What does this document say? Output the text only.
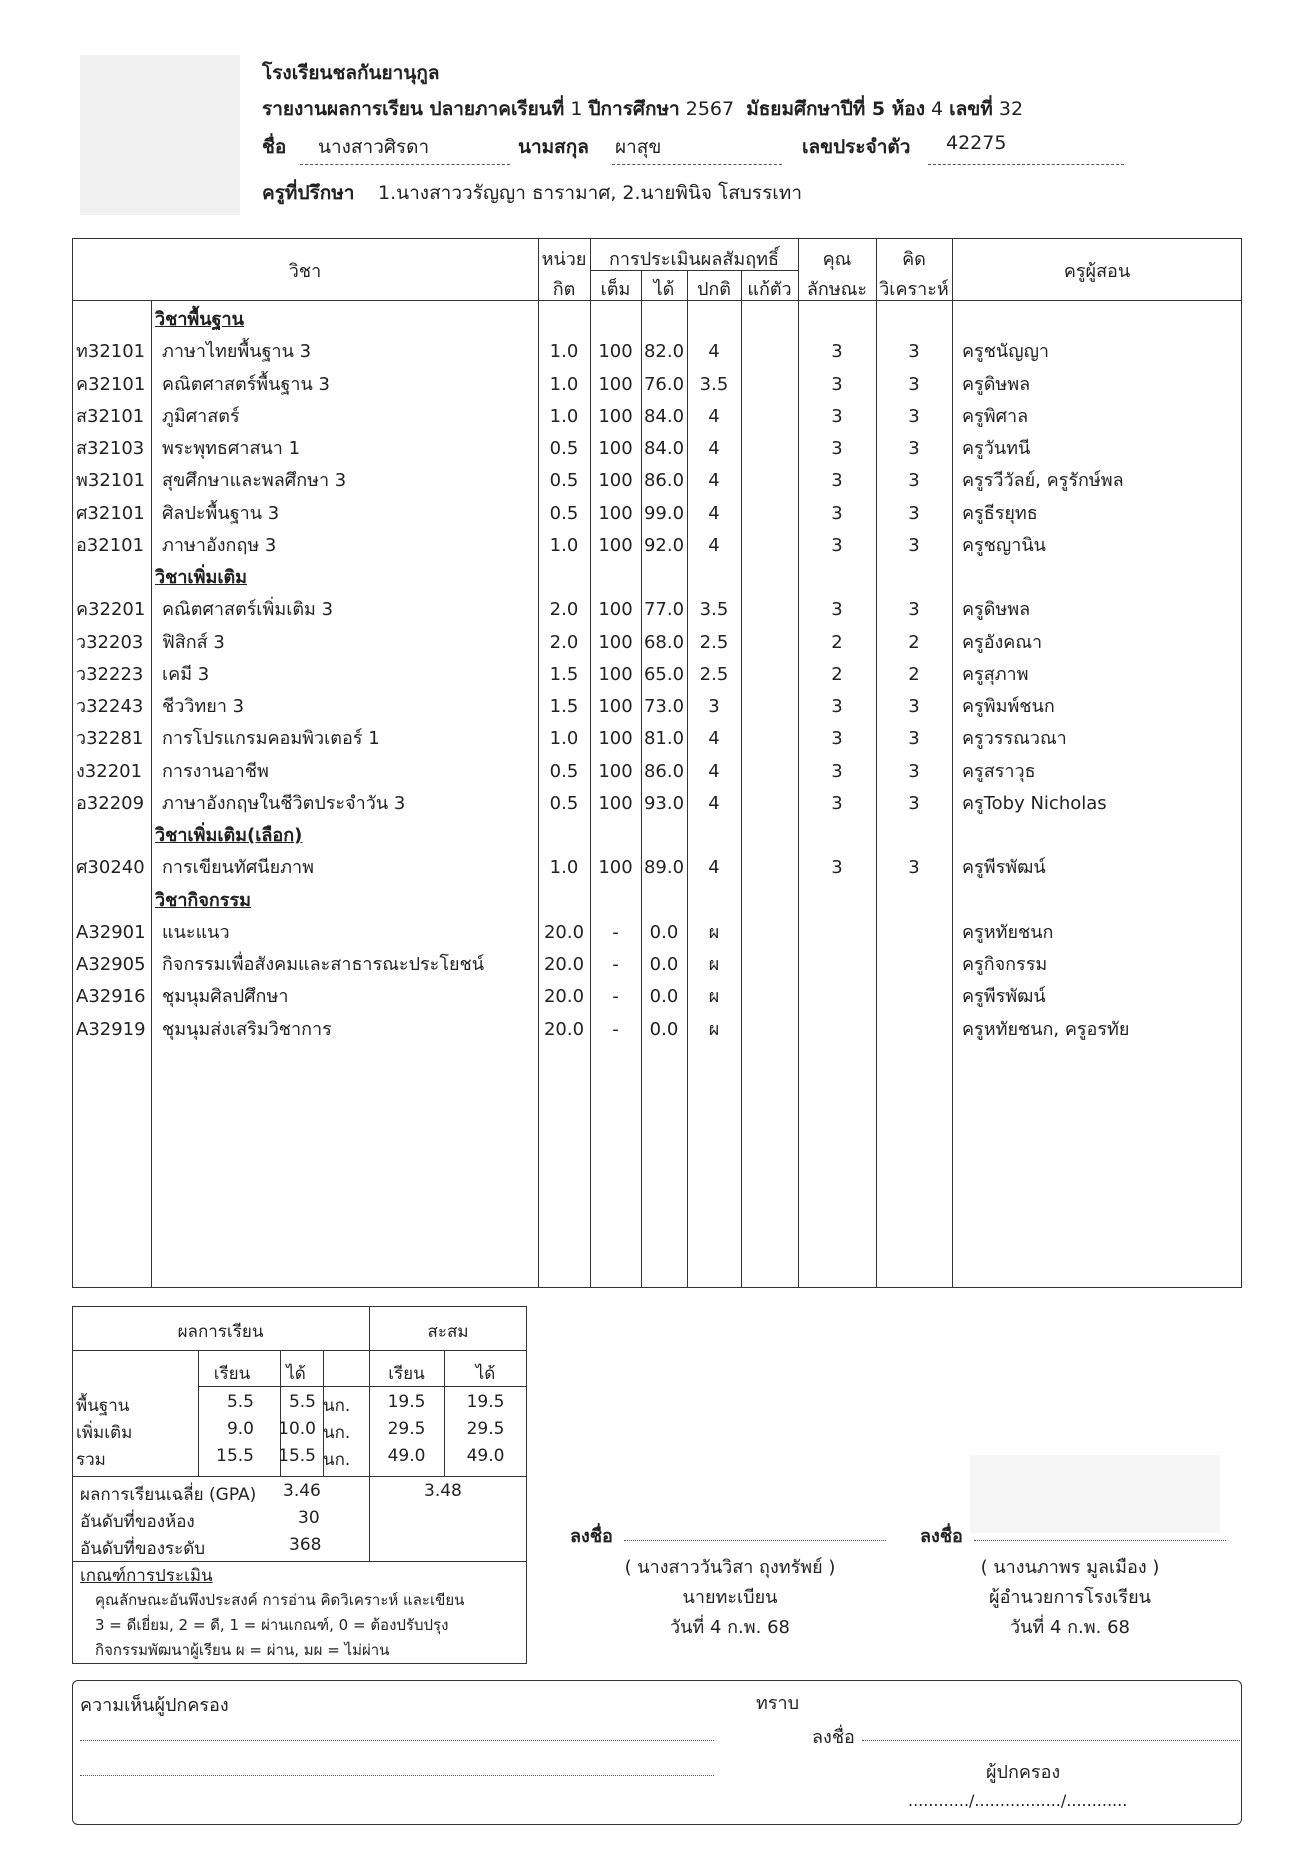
โรงเรียนชลกันยานุกูล
รายงานผลการเรียน ปลายภาคเรียนที่ 1 ปีการศึกษา 2567 มัธยมศึกษาปีที่ 5 ห้อง 4 เลขที่ 32
ชื่อ นางสาวศิรดา	นามสกุล ผาสุข	เลขประจำตัว 42275
ครูที่ปรึกษา 1.นางสาววรัญญา ธารามาศ, 2.นายพินิจ โสบรรเทา
วิชา
หน่วย
กิต
การประเมินผลสัมฤทธิ์
เต็ม	ได้	ปกติ แก้ตัว
คุณ
ลักษณะ
คิด
วิเคราะห์
ครูผู้สอน
วิชาพื้นฐาน
ท32101 ภาษาไทยพื้นฐาน 3	1.0	100 82.0	4	3	3	ครูชนัญญา
ค32101 คณิตศาสตร์พื้นฐาน 3	1.0	100 76.0 3.5	3	3	ครูดิษพล
ส32101 ภูมิศาสตร์	1.0	100 84.0	4	3	3	ครูพิศาล
ส32103 พระพุทธศาสนา 1	0.5	100 84.0	4	3	3	ครูวันทนี
พ32101 สุขศึกษาและพลศึกษา 3	0.5	100 86.0	4	3	3	ครูรวีวัลย์, ครูรักษ์พล
ศ32101 ศิลปะพื้นฐาน 3	0.5	100 99.0	4	3	3	ครูธีรยุทธ
อ32101 ภาษาอังกฤษ 3	1.0	100 92.0	4	3	3	ครูชญานิน
วิชาเพิ่มเติม
ค32201 คณิตศาสตร์เพิ่มเติม 3	2.0	100 77.0 3.5	3	3	ครูดิษพล
ว32203	ฟิสิกส์ 3	2.0	100 68.0 2.5	2	2	ครูอังคณา
ว32223	เคมี 3	1.5	100 65.0 2.5	2	2	ครูสุภาพ
ว32243	ชีววิทยา 3	1.5	100 73.0	3	3	3	ครูพิมพ์ชนก
ว32281	การโปรแกรมคอมพิวเตอร์ 1	1.0	100 81.0	4	3	3	ครูวรรณวณา
ง32201	การงานอาชีพ	0.5	100 86.0	4	3	3	ครูสราวุธ
อ32209 ภาษาอังกฤษในชีวิตประจำวัน 3	0.5	100 93.0	4	3	3	ครูToby Nicholas
วิชาเพิ่มเติม(เลือก)
ศ30240 การเขียนทัศนียภาพ	1.0	100 89.0	4	3	3	ครูพีรพัฒน์
วิชากิจกรรม
A32901 แนะแนว	20.0	-	0.0	ผ	ครูหทัยชนก
A32905 กิจกรรมเพื่อสังคมและสาธารณะประโยชน์	20.0	-	0.0	ผ	ครูกิจกรรม
A32916 ชุมนุมศิลปศึกษา	20.0	-	0.0	ผ	ครูพีรพัฒน์
A32919 ชุมนุมส่งเสริมวิชาการ	20.0	-	0.0	ผ	ครูหทัยชนก, ครูอรทัย
ผลการเรียน	สะสม
เรียน	ได้	เรียน	ได้
พื้นฐาน	5.5	5.5 นก.	19.5	19.5
เพิ่มเติม	9.0	10.0 นก.	29.5	29.5
รวม	15.5	15.5 นก.	49.0	49.0
ผลการเรียนเฉลี่ย (GPA) 3.46	3.48
อันดับที่ของห้อง	30
อันดับที่ของระดับ	368
เกณฑ์การประเมิน
คุณลักษณะอันพึงประสงค์ การอ่าน คิดวิเคราะห์ และเขียน
3 = ดีเยี่ยม, 2 = ดี, 1 = ผ่านเกณฑ์, 0 = ต้องปรับปรุง
กิจกรรมพัฒนาผู้เรียน ผ = ผ่าน, มผ = ไม่ผ่าน
ลงชื่อ
( นางสาววันวิสา ถุงทรัพย์ )
นายทะเบียน
วันที่ 4 ก.พ. 68
ลงชื่อ
( นางนภาพร มูลเมือง )
ผู้อำนวยการโรงเรียน
วันที่ 4 ก.พ. 68
ความเห็นผู้ปกครอง	ทราบ
ลงชื่อ
ผู้ปกครอง
............/................./............
